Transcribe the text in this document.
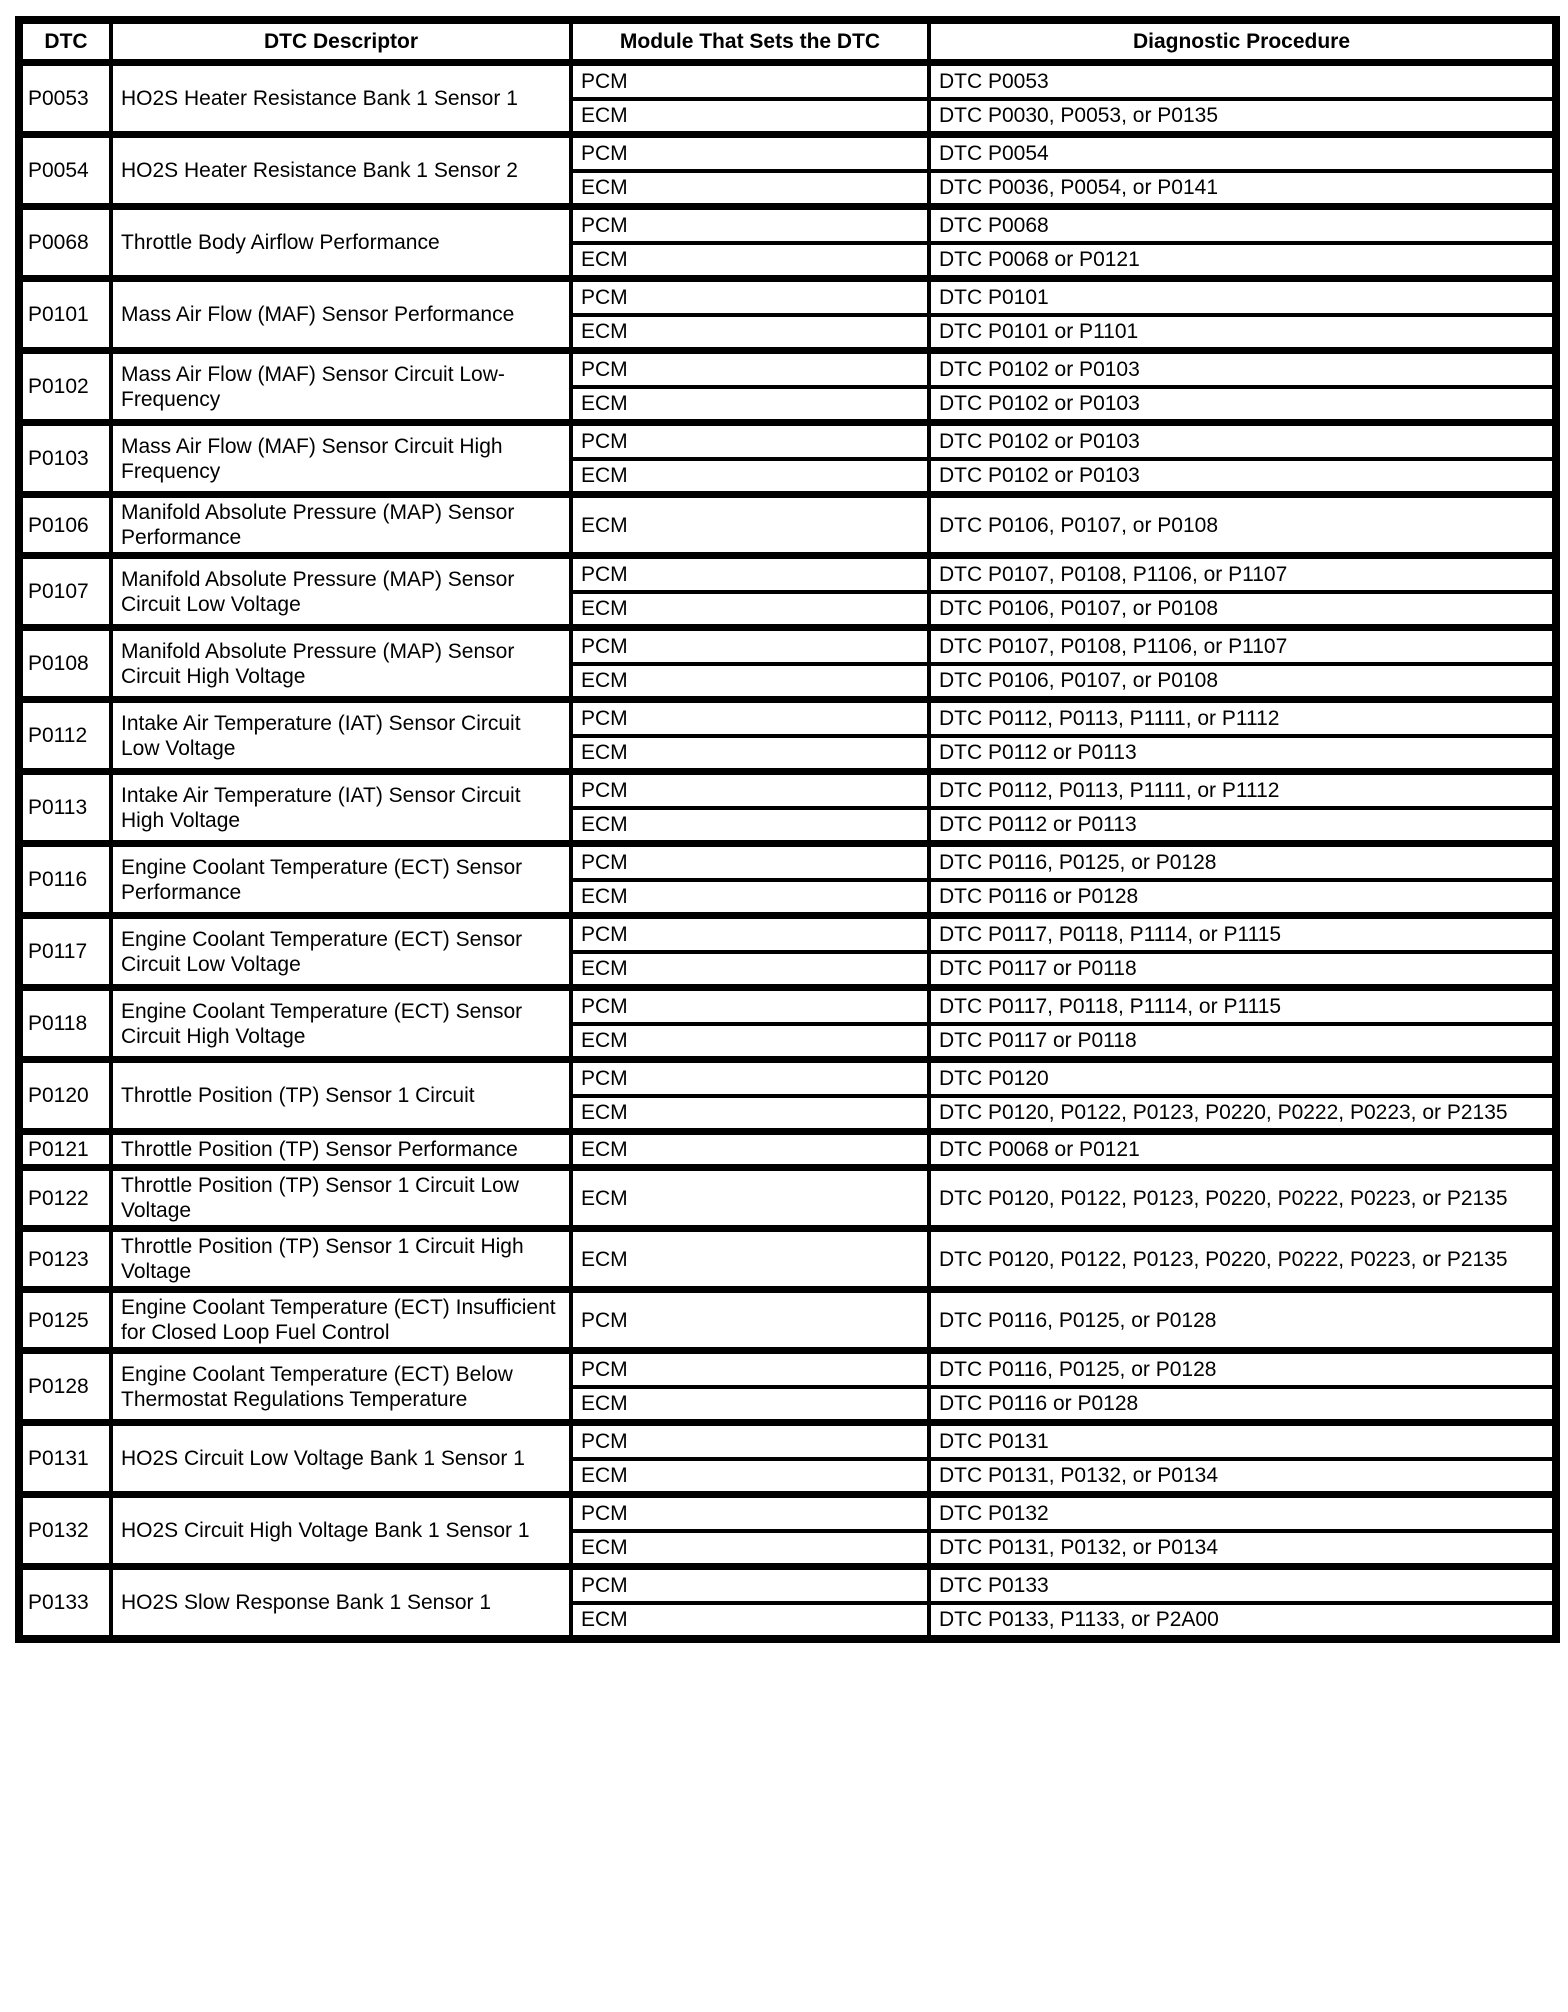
DTC	DTC Descriptor	Module That Sets the DTC	Diagnostic Procedure
P0053	HO2S Heater Resistance Bank 1 Sensor 1	PCM	DTC P0053
		ECM	DTC P0030, P0053, or P0135
P0054	HO2S Heater Resistance Bank 1 Sensor 2	PCM	DTC P0054
		ECM	DTC P0036, P0054, or P0141
P0068	Throttle Body Airflow Performance	PCM	DTC P0068
		ECM	DTC P0068 or P0121
P0101	Mass Air Flow (MAF) Sensor Performance	PCM	DTC P0101
		ECM	DTC P0101 or P1101
P0102	Mass Air Flow (MAF) Sensor Circuit Low-Frequency	PCM	DTC P0102 or P0103
		ECM	DTC P0102 or P0103
P0103	Mass Air Flow (MAF) Sensor Circuit High Frequency	PCM	DTC P0102 or P0103
		ECM	DTC P0102 or P0103
P0106	Manifold Absolute Pressure (MAP) Sensor Performance	ECM	DTC P0106, P0107, or P0108
P0107	Manifold Absolute Pressure (MAP) Sensor Circuit Low Voltage	PCM	DTC P0107, P0108, P1106, or P1107
		ECM	DTC P0106, P0107, or P0108
P0108	Manifold Absolute Pressure (MAP) Sensor Circuit High Voltage	PCM	DTC P0107, P0108, P1106, or P1107
		ECM	DTC P0106, P0107, or P0108
P0112	Intake Air Temperature (IAT) Sensor Circuit Low Voltage	PCM	DTC P0112, P0113, P1111, or P1112
		ECM	DTC P0112 or P0113
P0113	Intake Air Temperature (IAT) Sensor Circuit High Voltage	PCM	DTC P0112, P0113, P1111, or P1112
		ECM	DTC P0112 or P0113
P0116	Engine Coolant Temperature (ECT) Sensor Performance	PCM	DTC P0116, P0125, or P0128
		ECM	DTC P0116 or P0128
P0117	Engine Coolant Temperature (ECT) Sensor Circuit Low Voltage	PCM	DTC P0117, P0118, P1114, or P1115
		ECM	DTC P0117 or P0118
P0118	Engine Coolant Temperature (ECT) Sensor Circuit High Voltage	PCM	DTC P0117, P0118, P1114, or P1115
		ECM	DTC P0117 or P0118
P0120	Throttle Position (TP) Sensor 1 Circuit	PCM	DTC P0120
		ECM	DTC P0120, P0122, P0123, P0220, P0222, P0223, or P2135
P0121	Throttle Position (TP) Sensor Performance	ECM	DTC P0068 or P0121
P0122	Throttle Position (TP) Sensor 1 Circuit Low Voltage	ECM	DTC P0120, P0122, P0123, P0220, P0222, P0223, or P2135
P0123	Throttle Position (TP) Sensor 1 Circuit High Voltage	ECM	DTC P0120, P0122, P0123, P0220, P0222, P0223, or P2135
P0125	Engine Coolant Temperature (ECT) Insufficient for Closed Loop Fuel Control	PCM	DTC P0116, P0125, or P0128
P0128	Engine Coolant Temperature (ECT) Below Thermostat Regulations Temperature	PCM	DTC P0116, P0125, or P0128
		ECM	DTC P0116 or P0128
P0131	HO2S Circuit Low Voltage Bank 1 Sensor 1	PCM	DTC P0131
		ECM	DTC P0131, P0132, or P0134
P0132	HO2S Circuit High Voltage Bank 1 Sensor 1	PCM	DTC P0132
		ECM	DTC P0131, P0132, or P0134
P0133	HO2S Slow Response Bank 1 Sensor 1	PCM	DTC P0133
		ECM	DTC P0133, P1133, or P2A00
